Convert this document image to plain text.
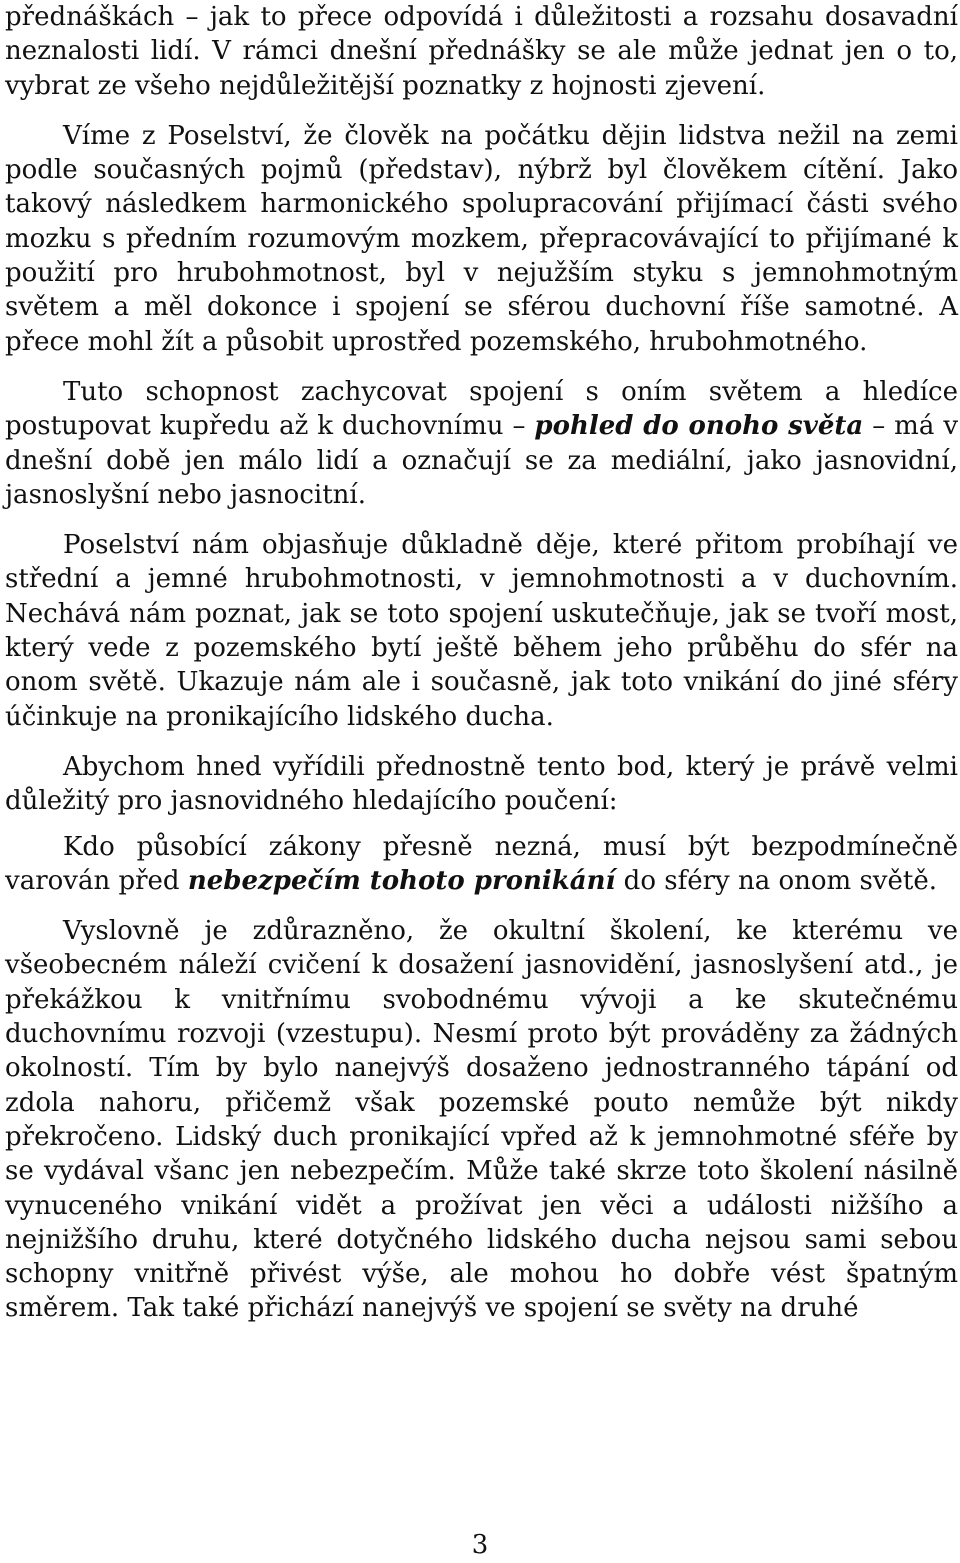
přednáškách – jak to přece odpovídá i důležitosti a rozsahu dosavadní neznalosti lidí. V rámci dnešní přednášky se ale může jednat jen o to, vybrat ze všeho nejdůležitější poznatky z hojnosti zjevení.

Víme z Poselství, že člověk na počátku dějin lidstva nežil na zemi podle současných pojmů (představ), nýbrž byl člověkem cítění. Jako takový následkem harmonického spolupracování přijímací části svého mozku s předním rozumovým mozkem, přepracovávající to přijímané k použití pro hrubohmotnost, byl v nejužším styku s jemnohmotným světem a měl dokonce i spojení se sférou duchovní říše samotné. A přece mohl žít a působit uprostřed pozemského, hrubohmotného.

Tuto schopnost zachycovat spojení s oním světem a hledíce postupovat kupředu až k duchovnímu – pohled do onoho světa – má v dnešní době jen málo lidí a označují se za mediální, jako jasnovidní, jasnoslyšní nebo jasnocitní.

Poselství nám objasňuje důkladně děje, které přitom probíhají ve střední a jemné hrubohmotnosti, v jemnohmotnosti a v duchovním. Nechává nám poznat, jak se toto spojení uskutečňuje, jak se tvoří most, který vede z pozemského bytí ještě během jeho průběhu do sfér na onom světě. Ukazuje nám ale i současně, jak toto vnikání do jiné sféry účinkuje na pronikajícího lidského ducha.

Abychom hned vyřídili přednostně tento bod, který je právě velmi důležitý pro jasnovidného hledajícího poučení:

Kdo působící zákony přesně nezná, musí být bezpodmínečně varován před nebezpečím tohoto pronikání do sféry na onom světě.

Vyslovně je zdůrazněno, že okultní školení, ke kterému ve všeobecném náleží cvičení k dosažení jasnovidění, jasnoslyšení atd., je překážkou k vnitřnímu svobodnému vývoji a ke skutečnému duchovnímu rozvoji (vzestupu). Nesmí proto být prováděny za žádných okolností. Tím by bylo nanejvýš dosaženo jednostranného tápání od zdola nahoru, přičemž však pozemské pouto nemůže být nikdy překročeno. Lidský duch pronikající vpřed až k jemnohmotné sféře by se vydával všanc jen nebezpečím. Může také skrze toto školení násilně vynuceného vnikání vidět a prožívat jen věci a události nižšího a nejnižšího druhu, které dotyčného lidského ducha nejsou sami sebou schopny vnitřně přivést výše, ale mohou ho dobře vést špatným směrem. Tak také přichází nanejvýš ve spojení se světy na druhé

3
